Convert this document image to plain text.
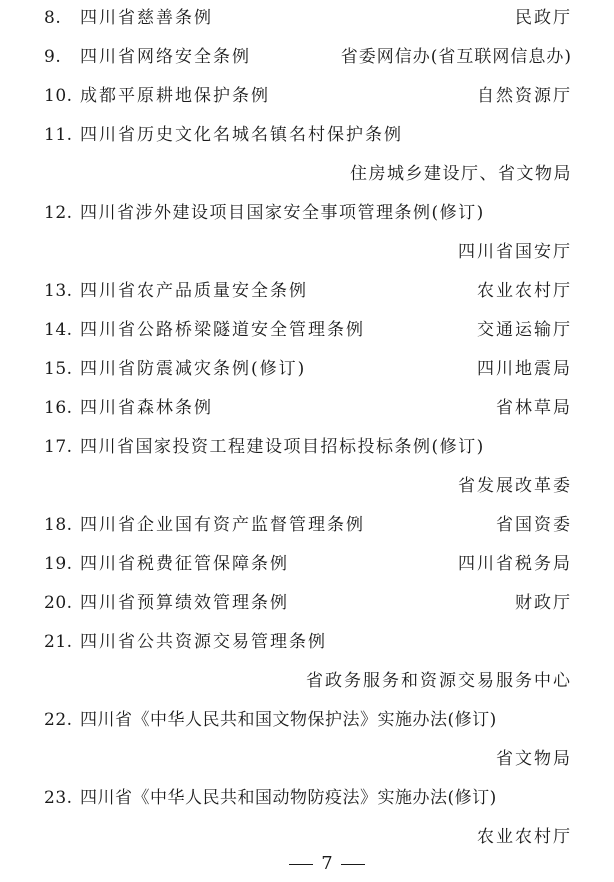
8. 四川省慈善条例	民政厅
9. 四川省网络安全条例	省委网信办(省互联网信息办)
10. 成都平原耕地保护条例	自然资源厅
11. 四川省历史文化名城名镇名村保护条例
住房城乡建设厅、省文物局
12. 四川省涉外建设项目国家安全事项管理条例(修订)
四川省国安厅
13. 四川省农产品质量安全条例	农业农村厅
14. 四川省公路桥梁隧道安全管理条例	交通运输厅
15. 四川省防震减灾条例(修订)	四川地震局
16. 四川省森林条例	省林草局
17. 四川省国家投资工程建设项目招标投标条例(修订)
省发展改革委
18. 四川省企业国有资产监督管理条例	省国资委
19. 四川省税费征管保障条例	四川省税务局
20. 四川省预算绩效管理条例	财政厅
21. 四川省公共资源交易管理条例
省政务服务和资源交易服务中心
22. 四川省《中华人民共和国文物保护法》实施办法(修订)
省文物局
23. 四川省《中华人民共和国动物防疫法》实施办法(修订)
农业农村厅
7
